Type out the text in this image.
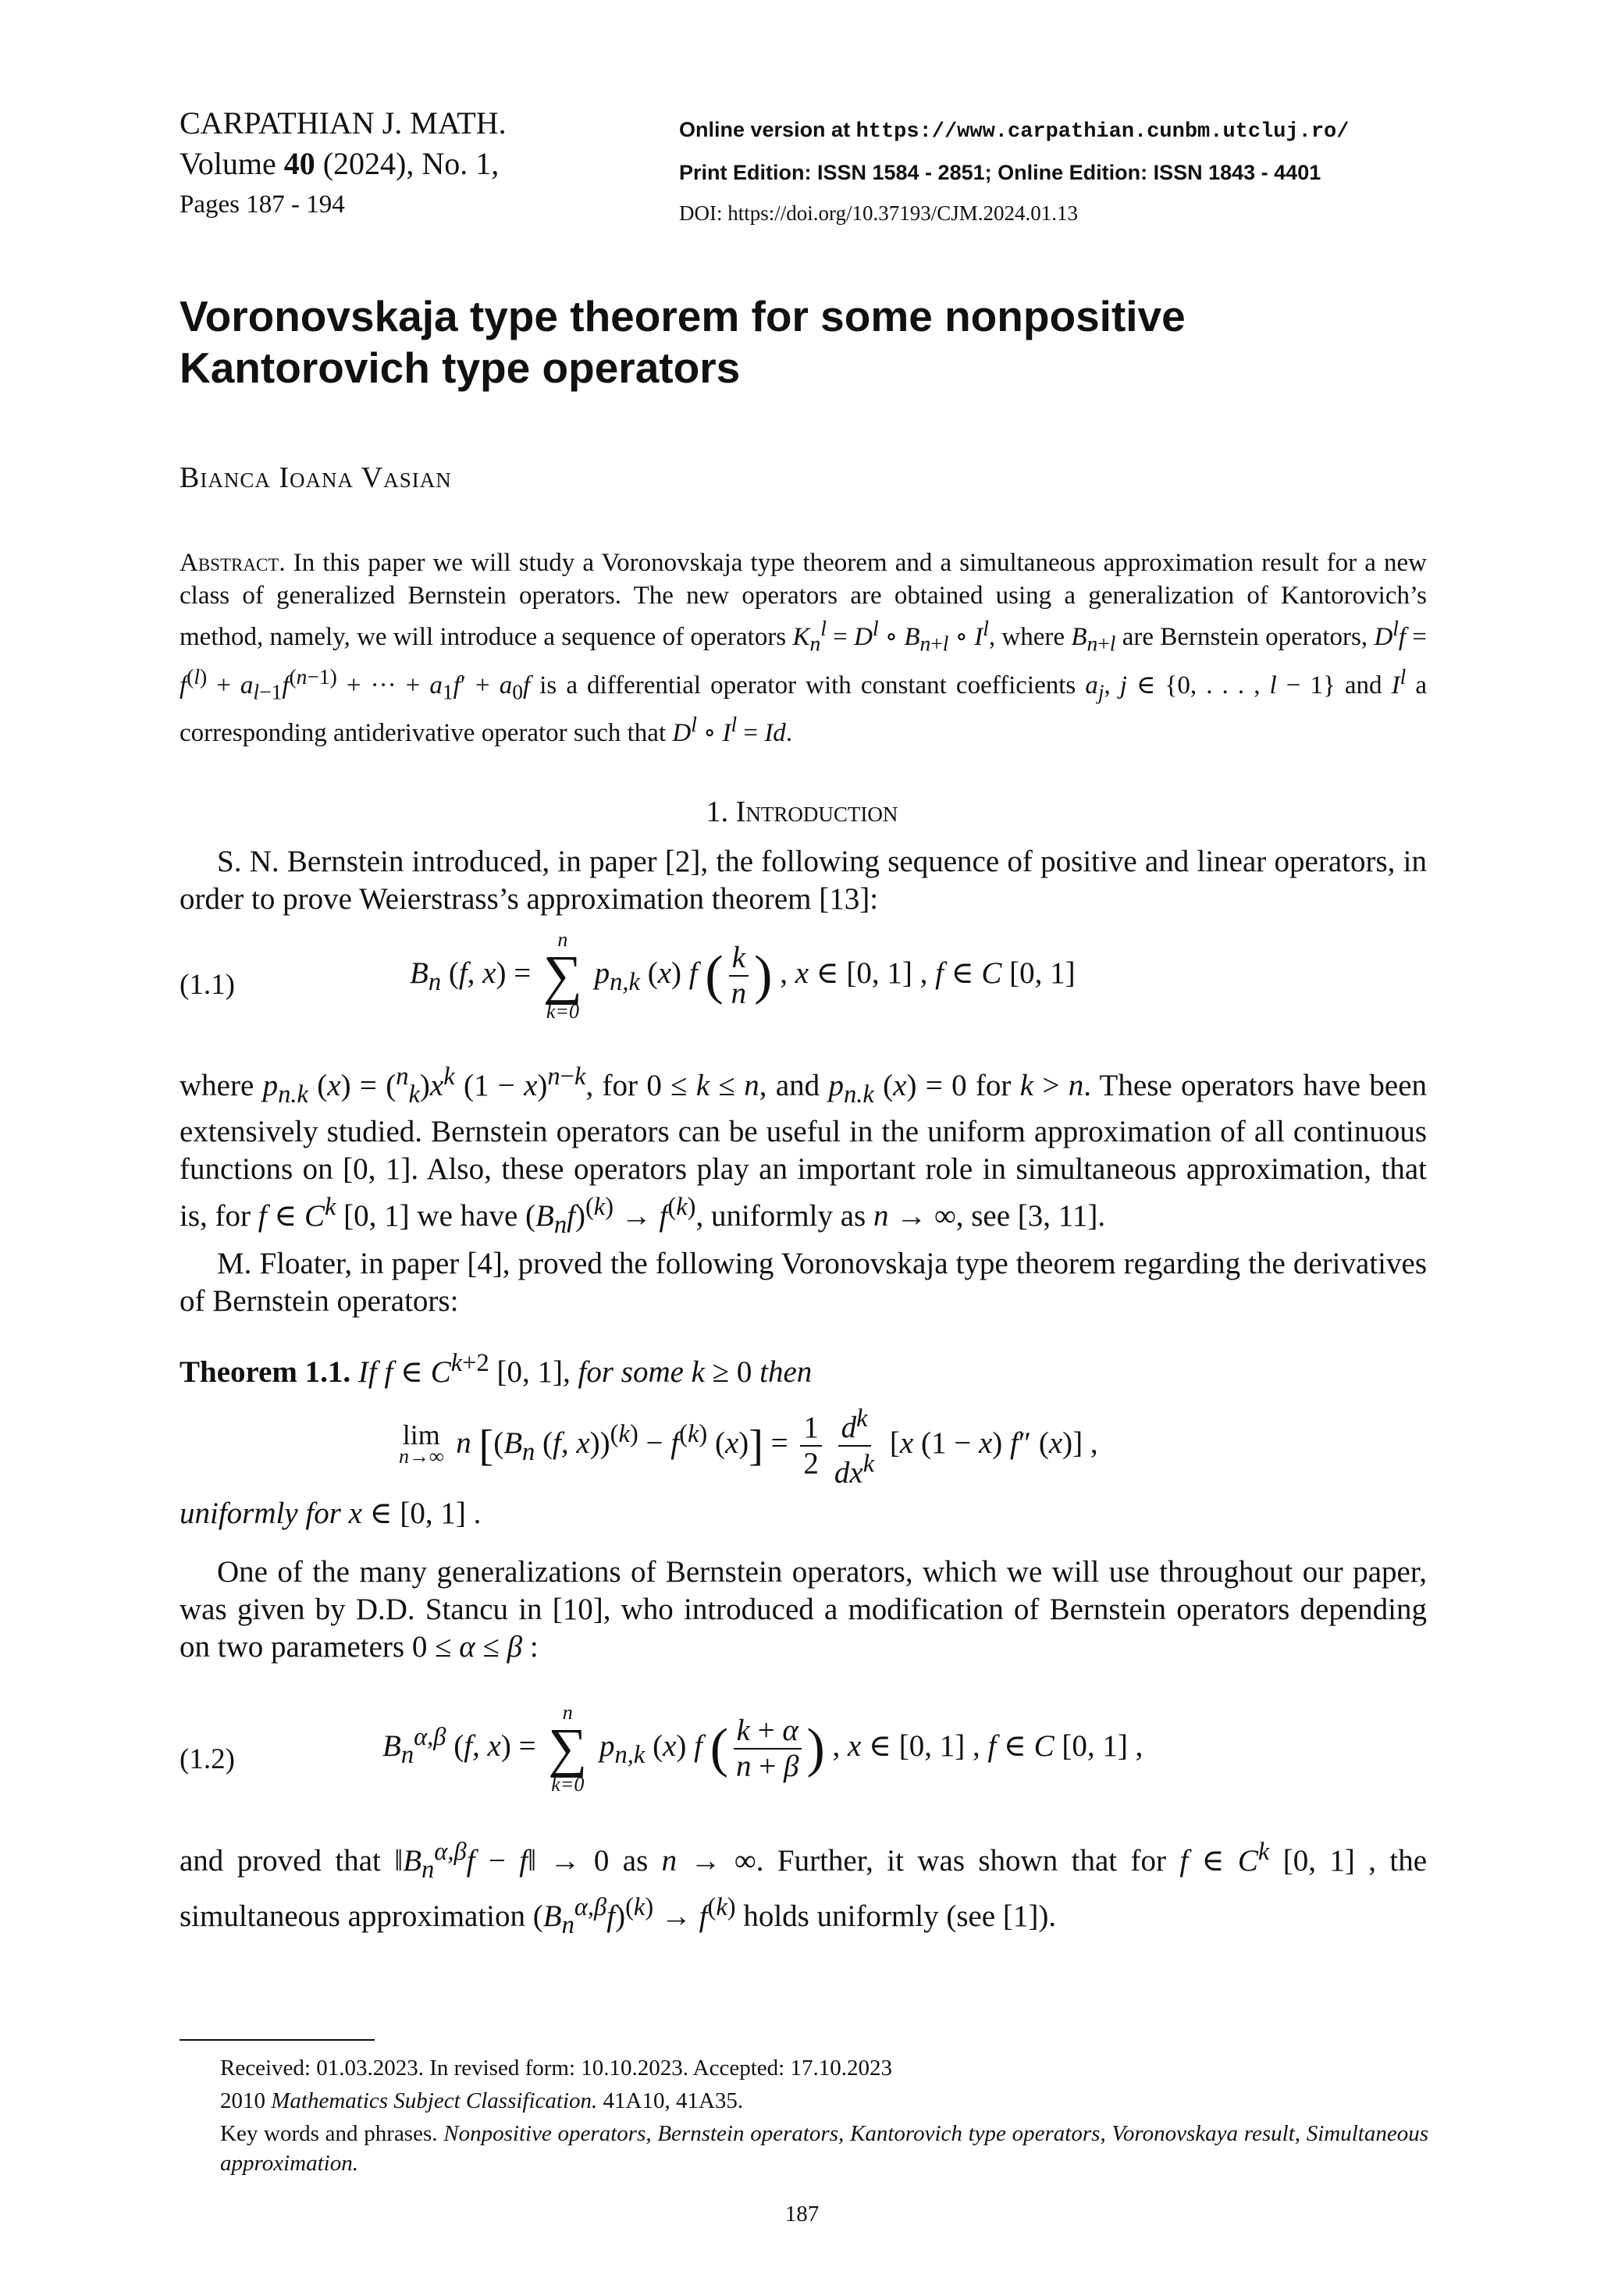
CARPATHIAN J. MATH.
Volume 40 (2024), No. 1,
Pages 187 - 194
Online version at https://www.carpathian.cunbm.utcluj.ro/
Print Edition: ISSN 1584 - 2851; Online Edition: ISSN 1843 - 4401
DOI: https://doi.org/10.37193/CJM.2024.01.13
Voronovskaja type theorem for some nonpositive
Kantorovich type operators
Bianca Ioana Vasian
Abstract. In this paper we will study a Voronovskaja type theorem and a simultaneous approximation result for a new class of generalized Bernstein operators. The new operators are obtained using a generalization of Kantorovich’s method, namely, we will introduce a sequence of operators $K_n^l = D^l$ ∘ $B_{n+l}$ ∘ $I^l$, where $B_{n+l}$ are Bernstein operators, $D^lf = f^{(l)} + a_{l-1}f^{(n-1)}$ + ··· + $a_1f' + a_0f$ is a differential operator with constant coefficients $a_j$, j ∈ {0, . . . , l − 1} and $I^l$ a corresponding antiderivative operator such that $D^l$ ∘ $I^l = Id$.
1. Introduction
S. N. Bernstein introduced, in paper [2], the following sequence of positive and linear operators, in order to prove Weierstrass’s approximation theorem [13]:
(1.1)	$B_n$ (f, x) =
n
∑
k=0
$p_{n,k}$ (x) f ( $\frac{k}{n}$ ) , x ∈ [0, 1] , f ∈ C [0, 1]
where $p_{n.k}$ $(x) = (^n_k)x^k$ $(1 - x)^{n-k}$, for 0 ≤ k ≤ n, and $p_{n.k}$ (x) = 0 for k > n. These operators have been extensively studied. Bernstein operators can be useful in the uniform approximation of all continuous functions on [0, 1]. Also, these operators play an important role in simultaneous approximation, that is, for f ∈ $C^k$ [0, 1] we have $(B_nf)^{(k)} \to f^{(k)}$, uniformly as n → ∞, see [3, 11].
M. Floater, in paper [4], proved the following Voronovskaja type theorem regarding the derivatives of Bernstein operators:
Theorem 1.1. If f ∈ $C^{k+2}$ [0, 1], for some k ≥ 0 then
lim
n→∞ n [($B_n$ (f, $x))^{(k)} - f^{(k)}$ $(x)] = \frac{1}{2} \frac{d^k}{dx^k} [x$ (1 − x) f″ (x)] ,
uniformly for x ∈ [0, 1] .
One of the many generalizations of Bernstein operators, which we will use throughout our paper, was given by D.D. Stancu in [10], who introduced a modification of Bernstein operators depending on two parameters 0 ≤ α ≤ β :
(1.2)	$B_n^{\alpha,\beta}$ (f, x) =
n
∑
k=0
$p_{n,k}$ (x) f ( $\frac{k + \alpha}{n + \beta}$ ) , x ∈ [0, 1] , f ∈ C [0, 1] ,
and proved that $‖B_n^{\alpha,\beta}f$ − f‖ → 0 as n → ∞. Further, it was shown that for f ∈ $C^k$ [0, 1] , the simultaneous approximation $(B_n^{\alpha,\beta}f)^{(k)} \to f^{(k)}$ holds uniformly (see [1]).
Received: 01.03.2023. In revised form: 10.10.2023. Accepted: 17.10.2023
2010 Mathematics Subject Classification. 41A10, 41A35.
Key words and phrases. Nonpositive operators, Bernstein operators, Kantorovich type operators, Voronovskaya result, Simultaneous approximation.
187
